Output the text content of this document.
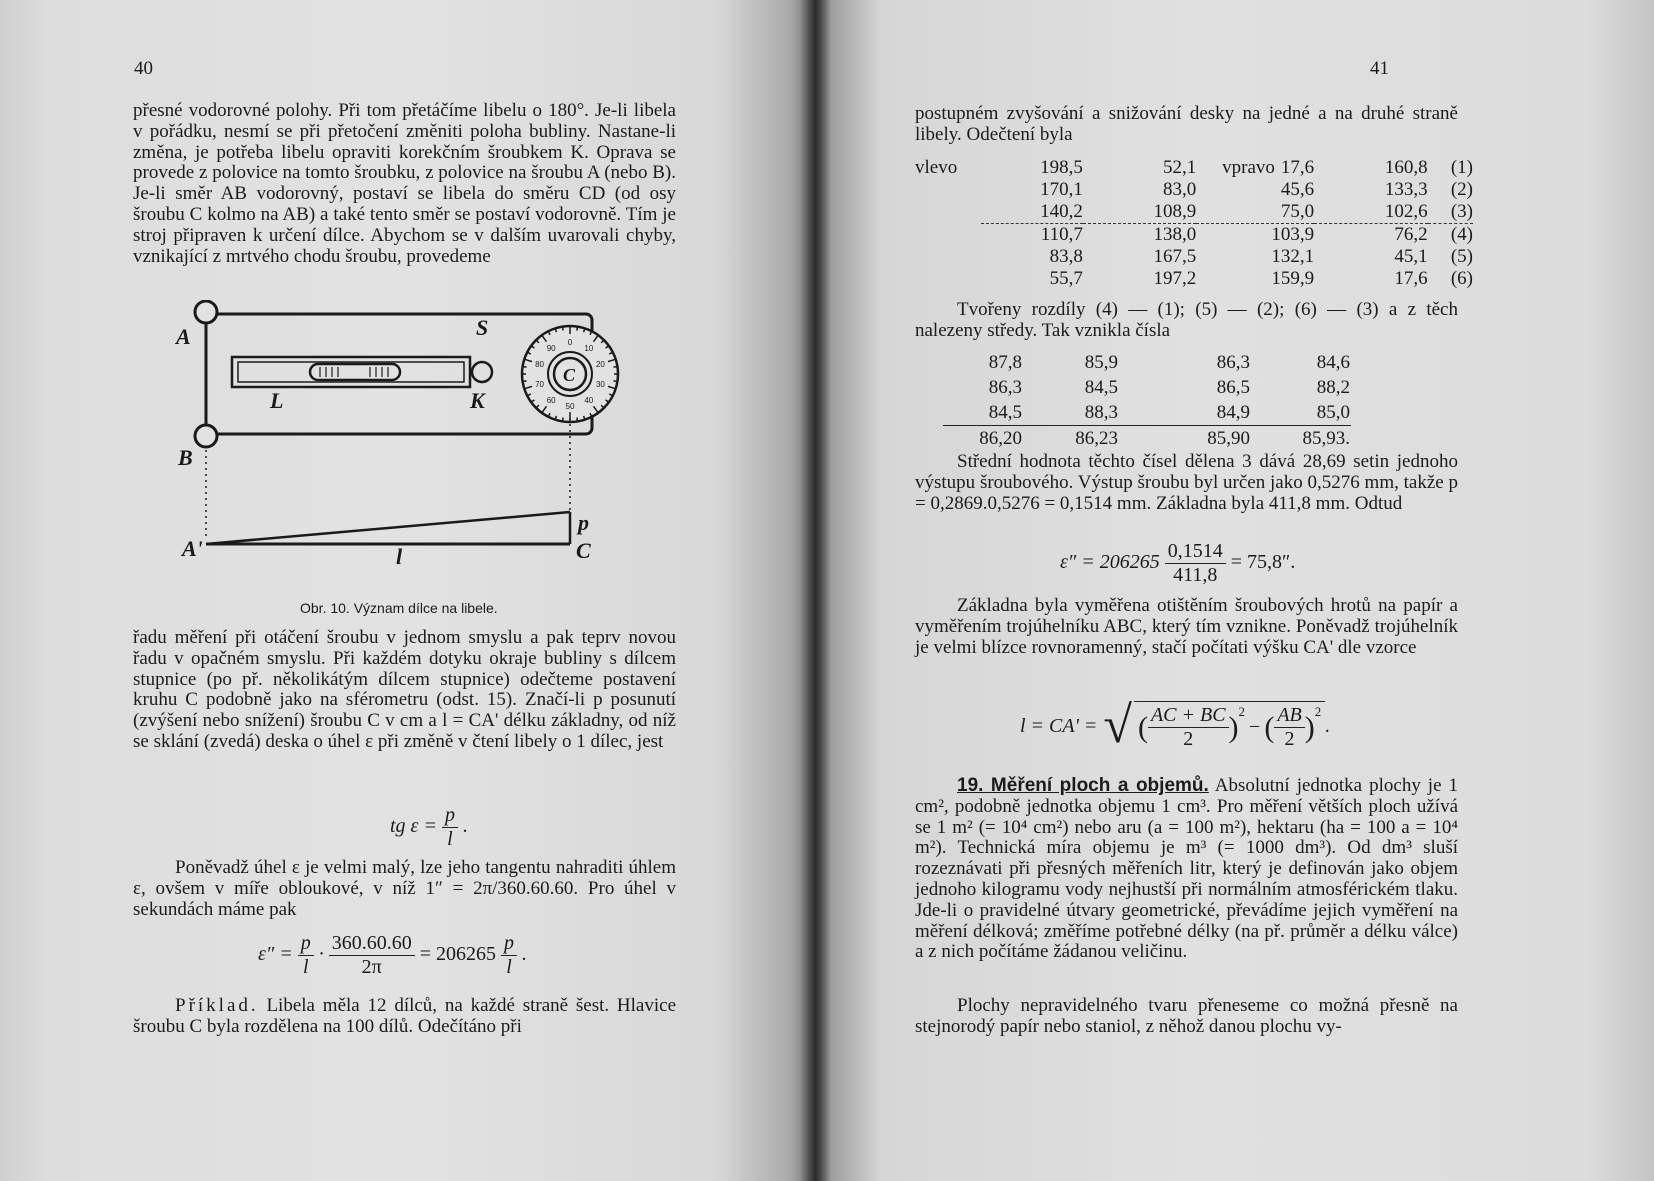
40

přesné vodorovné polohy. Při tom přetáčíme libelu o 180°. Je-li libela v pořádku, nesmí se při přetočení změniti poloha bubliny. Nastane-li změna, je potřeba libelu opraviti korekčním šroubkem K. Oprava se provede z polovice na tomto šroubku, z polovice na šroubu A (nebo B). Je-li směr AB vodorovný, postaví se libela do směru CD (od osy šroubu C kolmo na AB) a také tento směr se postaví vodorovně. Tím je stroj připraven k určení dílce. Abychom se v dalším uvarovali chyby, vznikající z mrtvého chodu šroubu, provedeme

10
20
30
40
50
60
70
80
90
0
A	S
L	K
B
A'	l
p
C
C
Obr. 10. Význam dílce na libele.

řadu měření při otáčení šroubu v jednom smyslu a pak teprv novou řadu v opačném smyslu. Při každém dotyku okraje bubliny s dílcem stupnice (po př. několikátým dílcem stupnice) odečteme postavení kruhu C podobně jako na sférometru (odst. 15). Značí-li p posunutí (zvýšení nebo snížení) šroubu C v cm a l = CA' délku základny, od níž se sklání (zvedá) deska o úhel ε při změně v čtení libely o 1 dílec, jest

tg $\varepsilon = \frac{p}{l}$ .

Poněvadž úhel ε je velmi malý, lze jeho tangentu nahraditi úhlem ε, ovšem v míře obloukové, v níž 1″ = 2π/360.60.60. Pro úhel v sekundách máme pak

$\varepsilon'' = \frac{p}{l} \cdot \frac{360.60.60}{2\pi} = 206265 \frac{p}{l}$ .

Příklad. Libela měla 12 dílců, na každé straně šest. Hlavice šroubu C byla rozdělena na 100 dílů. Odečítáno při

41

postupném zvyšování a snižování desky na jedné a na druhé straně libely. Odečtení byla

vlevo	198,5	52,1	vpravo 17,6	160,8	(1)
	170,1	83,0	45,6	133,3	(2)
	140,2	108,9	75,0	102,6	(3)
	110,7	138,0	103,9	76,2	(4)
	83,8	167,5	132,1	45,1	(5)
	55,7	197,2	159,9	17,6	(6)

Tvořeny rozdíly (4) — (1); (5) — (2); (6) — (3) a z těch nalezeny středy. Tak vznikla čísla

87,8	85,9	86,3	84,6
86,3	84,5	86,5	88,2
84,5	88,3	84,9	85,0
86,20	86,23	85,90	85,93.

Střední hodnota těchto čísel dělena 3 dává 28,69 setin jednoho výstupu šroubového. Výstup šroubu byl určen jako 0,5276 mm, takže p = 0,2869.0,5276 = 0,1514 mm. Základna byla 411,8 mm. Odtud

$\varepsilon'' = 206265 \frac{0,1514}{411,8} = 75,8''$.

Základna byla vyměřena otištěním šroubových hrotů na papír a vyměřením trojúhelníku ABC, který tím vznikne. Poněvadž trojúhelník je velmi blízce rovnoramenný, stačí počítati výšku CA' dle vzorce

l = CA' = √ ( $\frac{AC + BC}{2} )^2$
− ( $\frac{AB}{2} )^2$
.

19. Měření ploch a objemů. Absolutní jednotka plochy je 1 cm², podobně jednotka objemu 1 cm³. Pro měření větších ploch užívá se 1 m² (= 10⁴ cm²) nebo aru (a = 100 m²), hektaru (ha = 100 a = 10⁴ m²). Technická míra objemu je m³ (= 1000 dm³). Od dm³ sluší rozeznávati při přesných měřeních litr, který je definován jako objem jednoho kilogramu vody nejhustší při normálním atmosférickém tlaku. Jde-li o pravidelné útvary geometrické, převádíme jejich vyměření na měření délková; změříme potřebné délky (na př. průměr a délku válce) a z nich počítáme žádanou veličinu.

Plochy nepravidelného tvaru přeneseme co možná přesně na stejnorodý papír nebo staniol, z něhož danou plochu vy-
